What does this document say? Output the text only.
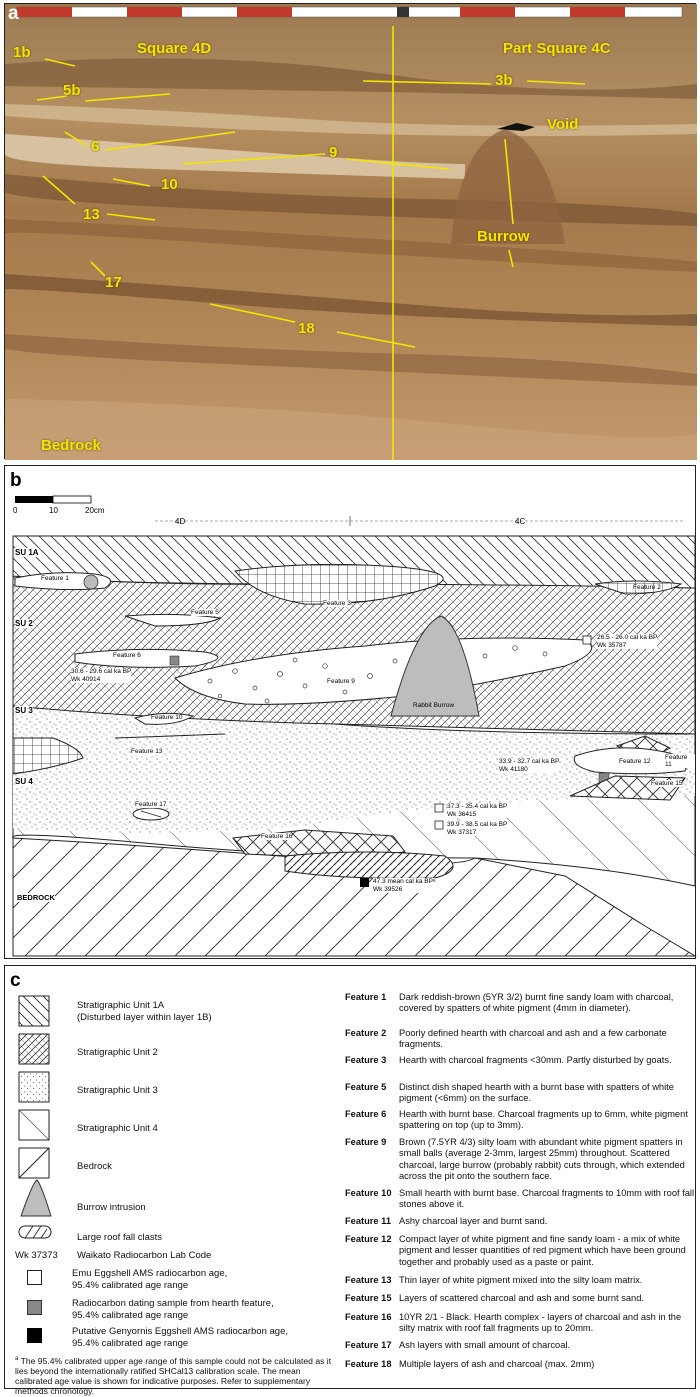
a
1b	Square 4D	Part Square 4C
3b
5b
Void
6	9
10
13
Burrow
17
18
Bedrock
b
0	10	20cm
4D	4C
SU 1A
SU 2
SU 3
SU 4
BEDROCK
Feature 1
Feature 2
Feature 3
Feature 5
Feature 6
Feature 9
Feature 10
Feature 11
Feature 12
Feature 13
Feature 15
Feature 16
Feature 17
Rabbit Burrow
26.5 - 26.0 cal ka BP
Wk 35787
30.6 - 29.6 cal ka BP
Wk 40914
33.9 - 32.7 cal ka BP
Wk 41180
37.3 - 35.4 cal ka BP
Wk 36415
39.9 - 38.5 cal ka BP
Wk 37317
47.3 mean cal ka BPᵃ
Wk 39526
c
Stratigraphic Unit 1A
(Disturbed layer within layer 1B)
Stratigraphic Unit 2
Stratigraphic Unit 3
Stratigraphic Unit 4
Bedrock
Burrow intrusion
Large roof fall clasts
Wk 37373	Waikato Radiocarbon Lab Code
Emu Eggshell AMS radiocarbon age,
95.4% calibrated age range
Radiocarbon dating sample from hearth feature,
95.4% calibrated age range
Putative Genyornis Eggshell AMS radiocarbon age,
95.4% calibrated age range
$^a$ The 95.4% calibrated upper age range of this sample could not be calculated as it lies beyond the internationally ratified SHCal13 calibration scale. The mean calibrated age value is shown for indicative purposes. Refer to supplementary methods chronology.
Feature 1	Dark reddish-brown (5YR 3/2) burnt fine sandy loam with charcoal, covered by spatters of white pigment (4mm in diameter).
Feature 2	Poorly defined hearth with charcoal and ash and a few carbonate fragments.
Feature 3	Hearth with charcoal fragments <30mm. Partly disturbed by goats.
Feature 5	Distinct dish shaped hearth with a burnt base with spatters of white pigment (<6mm) on the surface.
Feature 6	Hearth with burnt base. Charcoal fragments up to 6mm, white pigment spattering on top (up to 3mm).
Feature 9	Brown (7.5YR 4/3) silty loam with abundant white pigment spatters in small balls (average 2-3mm, largest 25mm) throughout. Scattered charcoal, large burrow (probably rabbit) cuts through, which extended across the pit onto the southern face.
Feature 10 Small hearth with burnt base. Charcoal fragments to 10mm with roof fall stones above it.
Feature 11 Ashy charcoal layer and burnt sand.
Feature 12 Compact layer of white pigment and fine sandy loam - a mix of white pigment and lesser quantities of red pigment which have been ground together and probably used as a paste or paint.
Feature 13 Thin layer of white pigment mixed into the silty loam matrix.
Feature 15 Layers of scattered charcoal and ash and some burnt sand.
Feature 16 10YR 2/1 - Black. Hearth complex - layers of charcoal and ash in the silty matrix with roof fall fragments up to 20mm.
Feature 17 Ash layers with small amount of charcoal.
Feature 18 Multiple layers of ash and charcoal (max. 2mm)
